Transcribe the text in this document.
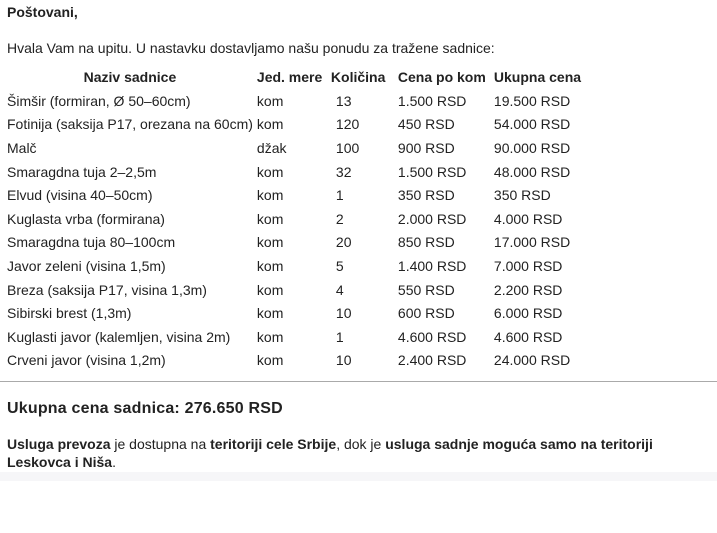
Poštovani,

Hvala Vam na upitu. U nastavku dostavljamo našu ponudu za tražene sadnice:

Naziv sadnice	Jed. mere	Količina	Cena po kom	Ukupna cena
Šimšir (formiran, Ø 50–60cm)	kom	13	1.500 RSD	19.500 RSD
Fotinija (saksija P17, orezana na 60cm)	kom	120	450 RSD	54.000 RSD
Malč	džak	100	900 RSD	90.000 RSD
Smaragdna tuja 2–2,5m	kom	32	1.500 RSD	48.000 RSD
Elvud (visina 40–50cm)	kom	1	350 RSD	350 RSD
Kuglasta vrba (formirana)	kom	2	2.000 RSD	4.000 RSD
Smaragdna tuja 80–100cm	kom	20	850 RSD	17.000 RSD
Javor zeleni (visina 1,5m)	kom	5	1.400 RSD	7.000 RSD
Breza (saksija P17, visina 1,3m)	kom	4	550 RSD	2.200 RSD
Sibirski brest (1,3m)	kom	10	600 RSD	6.000 RSD
Kuglasti javor (kalemljen, visina 2m)	kom	1	4.600 RSD	4.600 RSD
Crveni javor (visina 1,2m)	kom	10	2.400 RSD	24.000 RSD
Ukupna cena sadnica: 276.650 RSD

Usluga prevoza je dostupna na teritoriji cele Srbije, dok je usluga sadnje moguća samo na teritoriji Leskovca i Niša.
